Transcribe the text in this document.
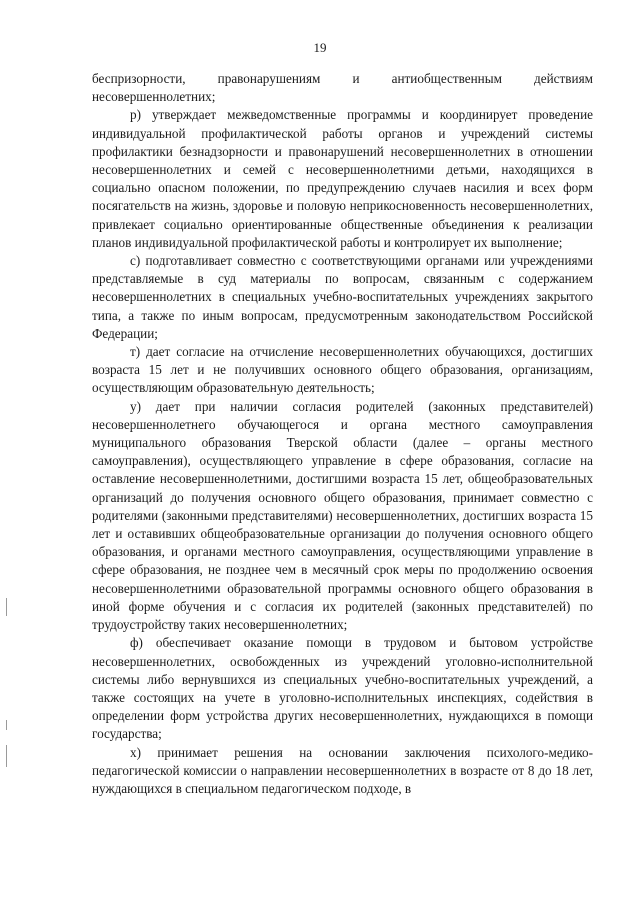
19

беспризорности, правонарушениям и антиобщественным действиям несовершеннолетних;

р) утверждает межведомственные программы и координирует проведение индивидуальной профилактической работы органов и учреждений системы профилактики безнадзорности и правонарушений несовершеннолетних в отношении несовершеннолетних и семей с несовершеннолетними детьми, находящихся в социально опасном положении, по предупреждению случаев насилия и всех форм посягательств на жизнь, здоровье и половую неприкосновенность несовершеннолетних, привлекает социально ориентированные общественные объединения к реализации планов индивидуальной профилактической работы и контролирует их выполнение;

с) подготавливает совместно с соответствующими органами или учреждениями представляемые в суд материалы по вопросам, связанным с содержанием несовершеннолетних в специальных учебно-воспитательных учреждениях закрытого типа, а также по иным вопросам, предусмотренным законодательством Российской Федерации;

т) дает согласие на отчисление несовершеннолетних обучающихся, достигших возраста 15 лет и не получивших основного общего образования, организациям, осуществляющим образовательную деятельность;

у) дает при наличии согласия родителей (законных представителей) несовершеннолетнего обучающегося и органа местного самоуправления муниципального образования Тверской области (далее – органы местного самоуправления), осуществляющего управление в сфере образования, согласие на оставление несовершеннолетними, достигшими возраста 15 лет, общеобразовательных организаций до получения основного общего образования, принимает совместно с родителями (законными представителями) несовершеннолетних, достигших возраста 15 лет и оставивших общеобразовательные организации до получения основного общего образования, и органами местного самоуправления, осуществляющими управление в сфере образования, не позднее чем в месячный срок меры по продолжению освоения несовершеннолетними образовательной программы основного общего образования в иной форме обучения и с согласия их родителей (законных представителей) по трудоустройству таких несовершеннолетних;

ф) обеспечивает оказание помощи в трудовом и бытовом устройстве несовершеннолетних, освобожденных из учреждений уголовно-исполнительной системы либо вернувшихся из специальных учебно-воспитательных учреждений, а также состоящих на учете в уголовно-исполнительных инспекциях, содействия в определении форм устройства других несовершеннолетних, нуждающихся в помощи государства;

х) принимает решения на основании заключения психолого-медико-педагогической комиссии о направлении несовершеннолетних в возрасте от 8 до 18 лет, нуждающихся в специальном педагогическом подходе, в
